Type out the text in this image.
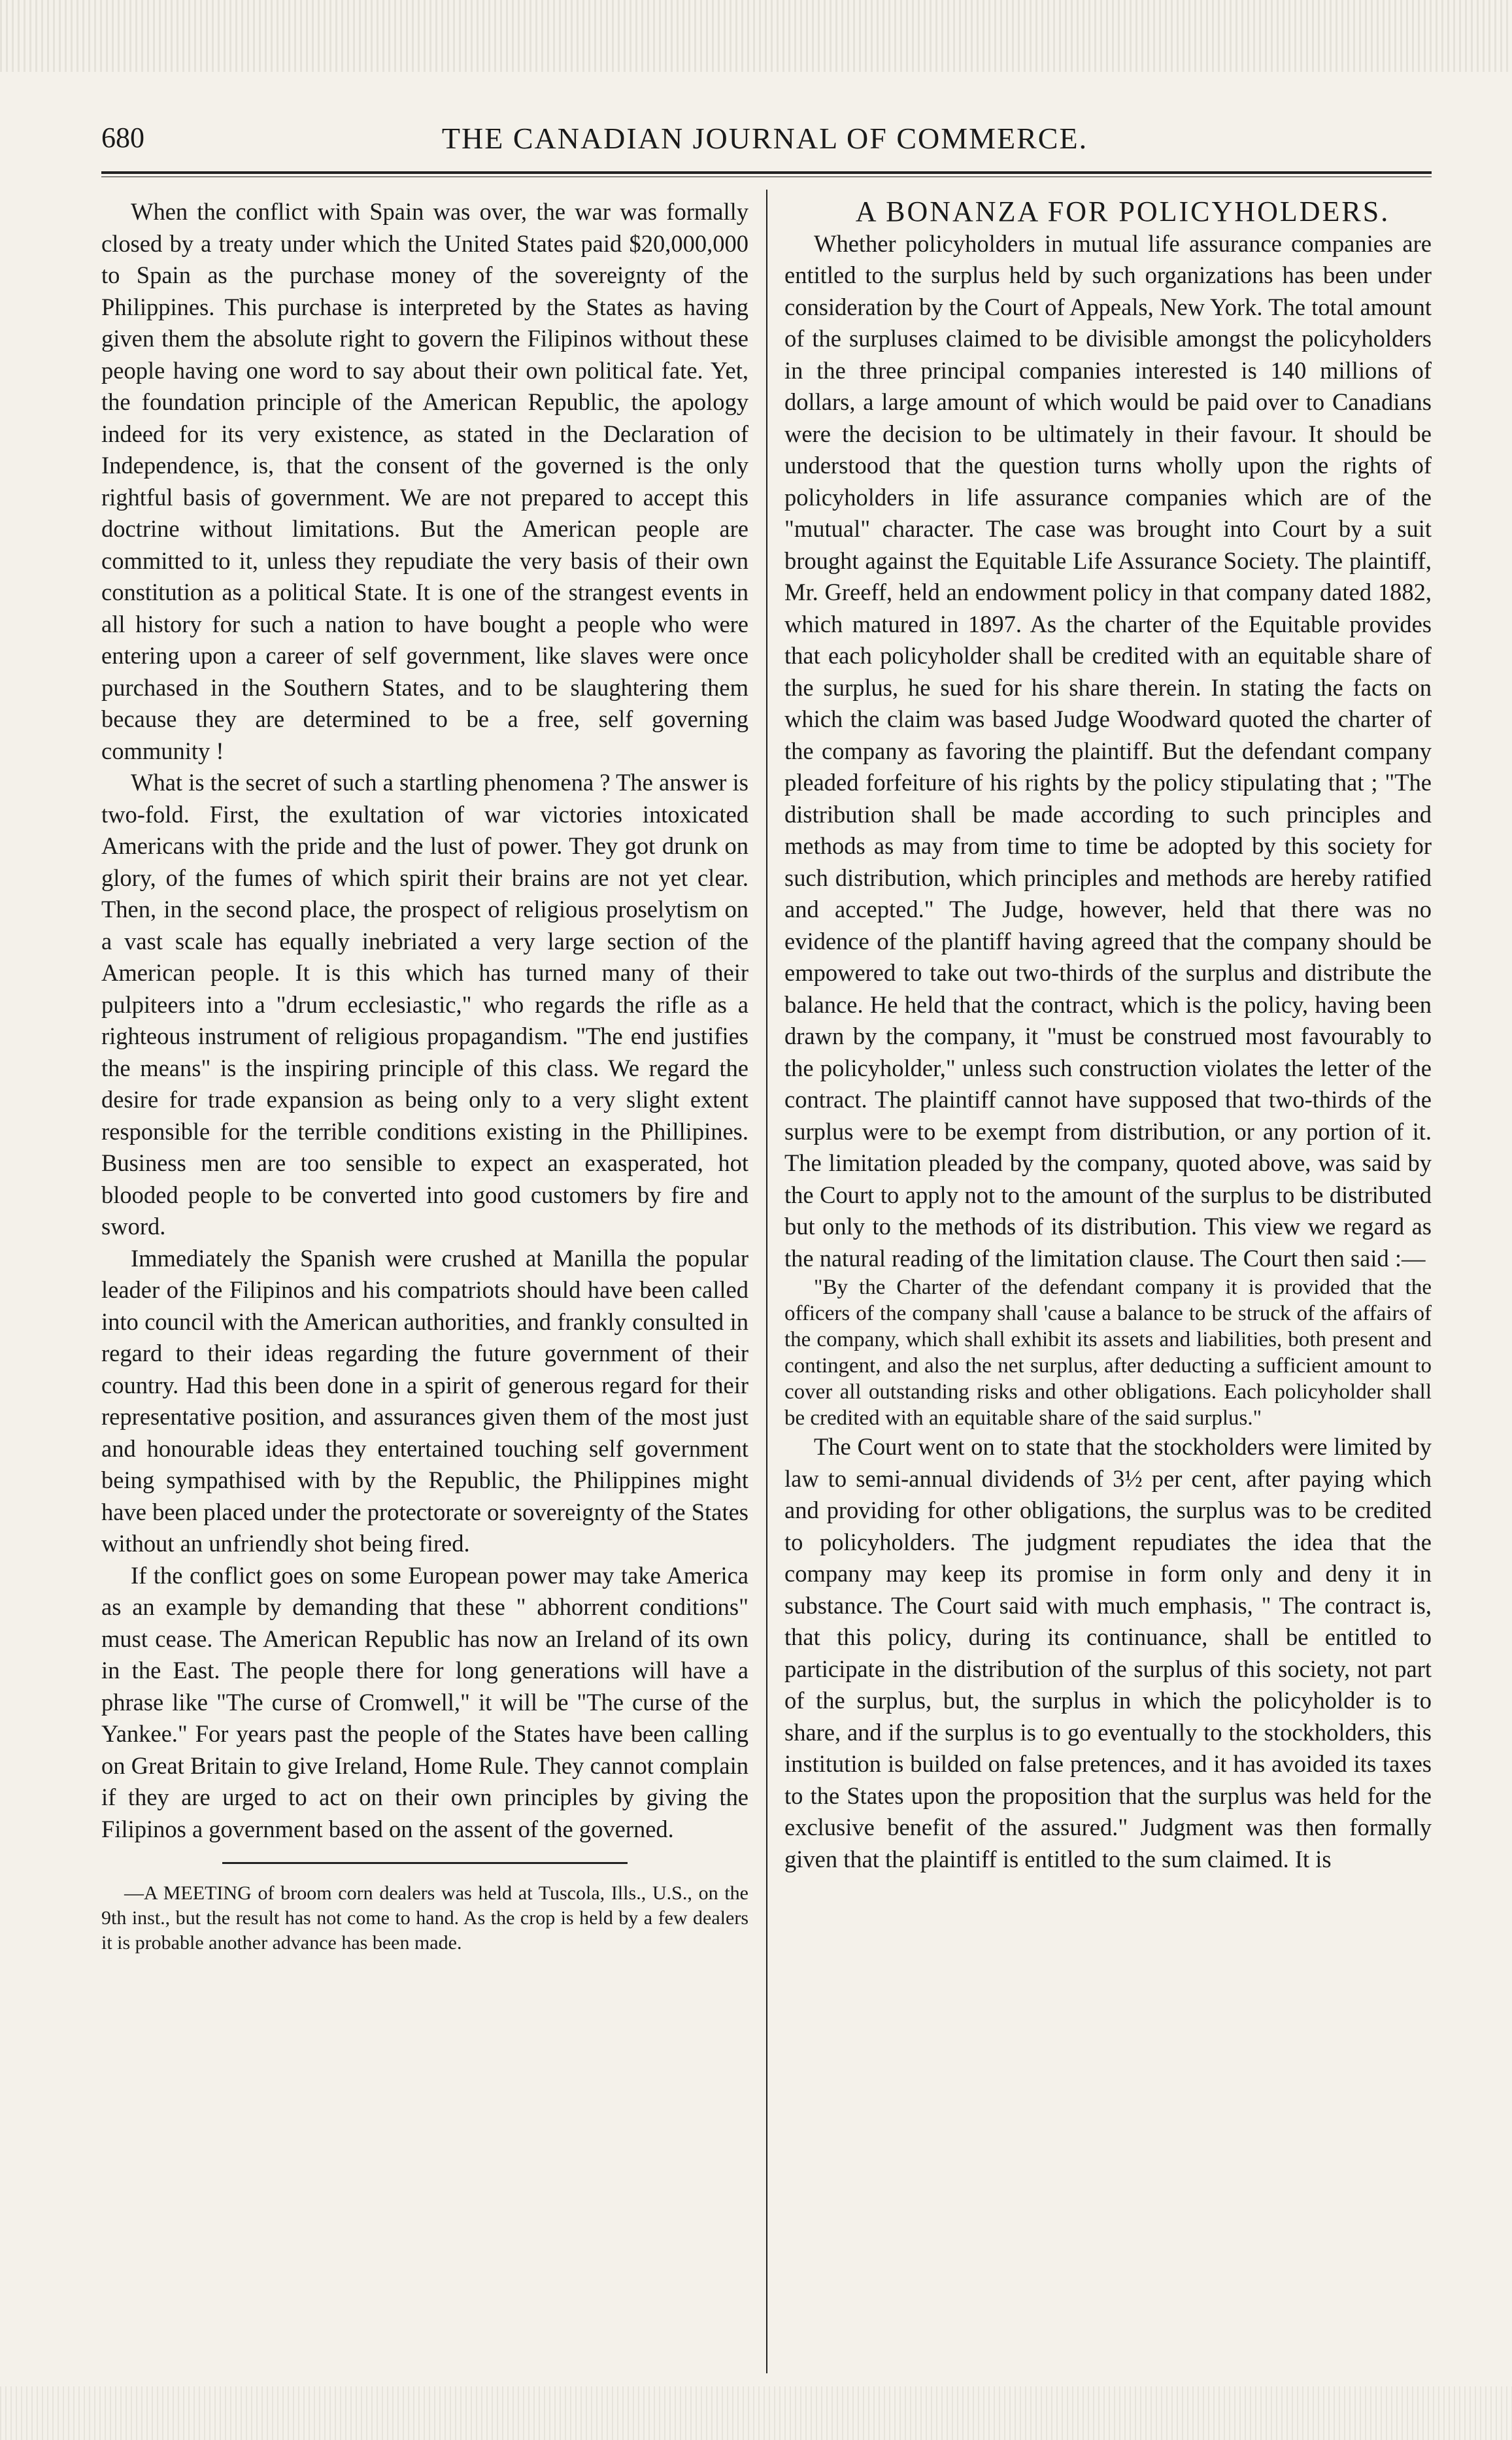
680	THE CANADIAN JOURNAL OF COMMERCE.

When the conflict with Spain was over, the war was formally closed by a treaty under which the United States paid $20,000,000 to Spain as the purchase money of the sovereignty of the Philippines. This purchase is interpreted by the States as having given them the absolute right to govern the Filipinos without these people having one word to say about their own political fate. Yet, the foundation principle of the American Republic, the apology indeed for its very existence, as stated in the Declaration of Independence, is, that the consent of the governed is the only rightful basis of government. We are not prepared to accept this doctrine without limitations. But the American people are committed to it, unless they repudiate the very basis of their own constitution as a political State. It is one of the strangest events in all history for such a nation to have bought a people who were entering upon a career of self government, like slaves were once purchased in the Southern States, and to be slaughtering them because they are determined to be a free, self governing community !

What is the secret of such a startling phenomena ? The answer is two-fold. First, the exultation of war victories intoxicated Americans with the pride and the lust of power. They got drunk on glory, of the fumes of which spirit their brains are not yet clear. Then, in the second place, the prospect of religious proselytism on a vast scale has equally inebriated a very large section of the American people. It is this which has turned many of their pulpiteers into a "drum ecclesiastic," who regards the rifle as a righteous instrument of religious propagandism. "The end justifies the means" is the inspiring principle of this class. We regard the desire for trade expansion as being only to a very slight extent responsible for the terrible conditions existing in the Phillipines. Business men are too sensible to expect an exasperated, hot blooded people to be converted into good customers by fire and sword.

Immediately the Spanish were crushed at Manilla the popular leader of the Filipinos and his compatriots should have been called into council with the American authorities, and frankly consulted in regard to their ideas regarding the future government of their country. Had this been done in a spirit of generous regard for their representative position, and assurances given them of the most just and honourable ideas they entertained touching self government being sympathised with by the Republic, the Philippines might have been placed under the protectorate or sovereignty of the States without an unfriendly shot being fired.

If the conflict goes on some European power may take America as an example by demanding that these " abhorrent conditions" must cease. The American Republic has now an Ireland of its own in the East. The people there for long generations will have a phrase like "The curse of Cromwell," it will be "The curse of the Yankee." For years past the people of the States have been calling on Great Britain to give Ireland, Home Rule. They cannot complain if they are urged to act on their own principles by giving the Filipinos a government based on the assent of the governed.

—A MEETING of broom corn dealers was held at Tuscola, Ills., U.S., on the 9th inst., but the result has not come to hand. As the crop is held by a few dealers it is probable another advance has been made.

A BONANZA FOR POLICYHOLDERS.

Whether policyholders in mutual life assurance companies are entitled to the surplus held by such organizations has been under consideration by the Court of Appeals, New York. The total amount of the surpluses claimed to be divisible amongst the policyholders in the three principal companies interested is 140 millions of dollars, a large amount of which would be paid over to Canadians were the decision to be ultimately in their favour. It should be understood that the question turns wholly upon the rights of policyholders in life assurance companies which are of the "mutual" character. The case was brought into Court by a suit brought against the Equitable Life Assurance Society. The plaintiff, Mr. Greeff, held an endowment policy in that company dated 1882, which matured in 1897. As the charter of the Equitable provides that each policyholder shall be credited with an equitable share of the surplus, he sued for his share therein. In stating the facts on which the claim was based Judge Woodward quoted the charter of the company as favoring the plaintiff. But the defendant company pleaded forfeiture of his rights by the policy stipulating that ; "The distribution shall be made according to such principles and methods as may from time to time be adopted by this society for such distribution, which principles and methods are hereby ratified and accepted." The Judge, however, held that there was no evidence of the plantiff having agreed that the company should be empowered to take out two-thirds of the surplus and distribute the balance. He held that the contract, which is the policy, having been drawn by the company, it "must be construed most favourably to the policyholder," unless such construction violates the letter of the contract. The plaintiff cannot have supposed that two-thirds of the surplus were to be exempt from distribution, or any portion of it. The limitation pleaded by the company, quoted above, was said by the Court to apply not to the amount of the surplus to be distributed but only to the methods of its distribution. This view we regard as the natural reading of the limitation clause. The Court then said :—

"By the Charter of the defendant company it is provided that the officers of the company shall 'cause a balance to be struck of the affairs of the company, which shall exhibit its assets and liabilities, both present and contingent, and also the net surplus, after deducting a sufficient amount to cover all outstanding risks and other obligations. Each policyholder shall be credited with an equitable share of the said surplus."

The Court went on to state that the stockholders were limited by law to semi-annual dividends of 3½ per cent, after paying which and providing for other obligations, the surplus was to be credited to policyholders. The judgment repudiates the idea that the company may keep its promise in form only and deny it in substance. The Court said with much emphasis, " The contract is, that this policy, during its continuance, shall be entitled to participate in the distribution of the surplus of this society, not part of the surplus, but, the surplus in which the policyholder is to share, and if the surplus is to go eventually to the stockholders, this institution is builded on false pretences, and it has avoided its taxes to the States upon the proposition that the surplus was held for the exclusive benefit of the assured." Judgment was then formally given that the plaintiff is entitled to the sum claimed. It is
